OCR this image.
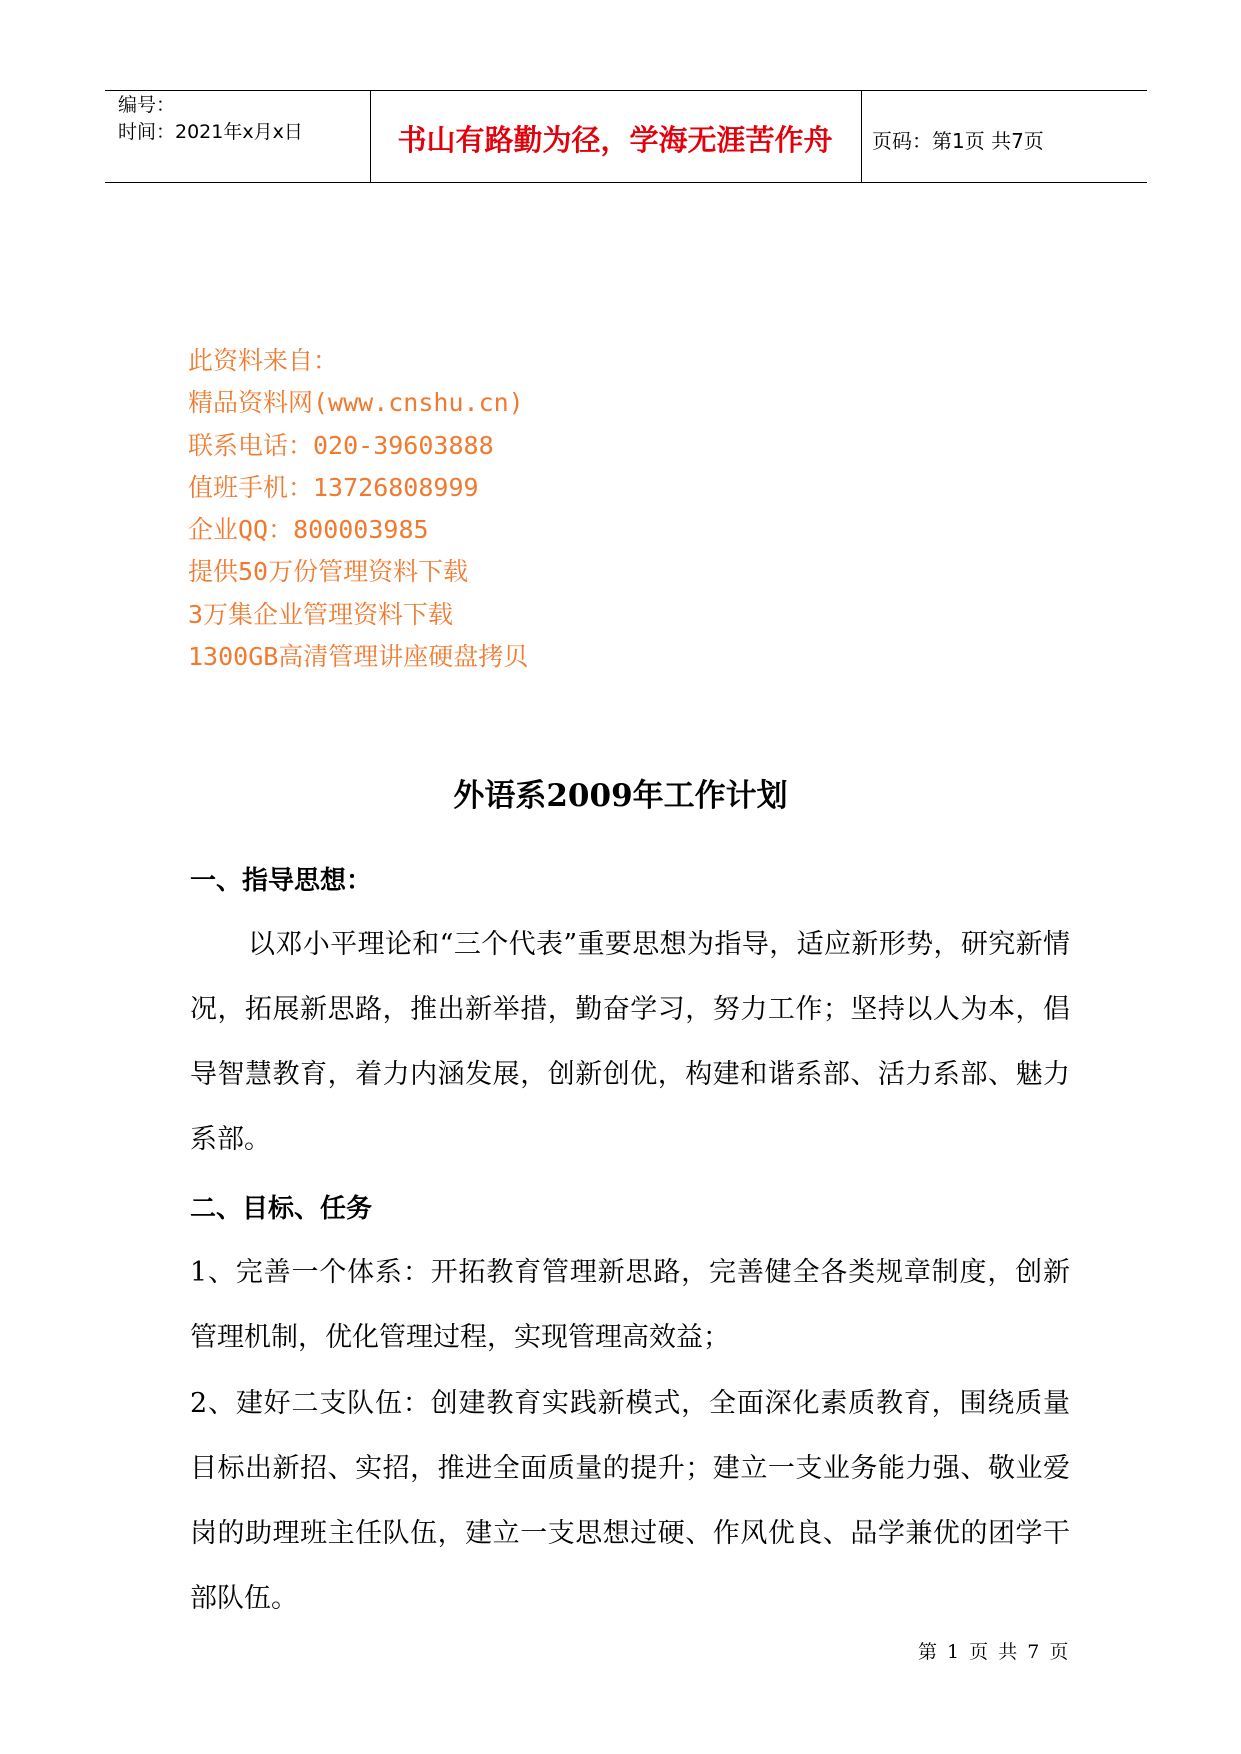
编号：
时间：2021年x月x日	书山有路勤为径，学海无涯苦作舟	页码：第1页 共7页
此资料来自：
精品资料网(www.cnshu.cn)
联系电话：020-39603888
值班手机：13726808999
企业QQ：800003985
提供50万份管理资料下载
3万集企业管理资料下载
1300GB高清管理讲座硬盘拷贝
外语系2009年工作计划
一、指导思想：
以邓小平理论和“三个代表”重要思想为指导，适应新形势，研究新情况，拓展新思路，推出新举措，勤奋学习，努力工作；坚持以人为本，倡导智慧教育，着力内涵发展，创新创优，构建和谐系部、活力系部、魅力系部。
二、目标、任务
1、完善一个体系：开拓教育管理新思路，完善健全各类规章制度，创新管理机制，优化管理过程，实现管理高效益；
2、建好二支队伍：创建教育实践新模式，全面深化素质教育，围绕质量目标出新招、实招，推进全面质量的提升；建立一支业务能力强、敬业爱岗的助理班主任队伍，建立一支思想过硬、作风优良、品学兼优的团学干部队伍。
第 1 页 共 7 页
